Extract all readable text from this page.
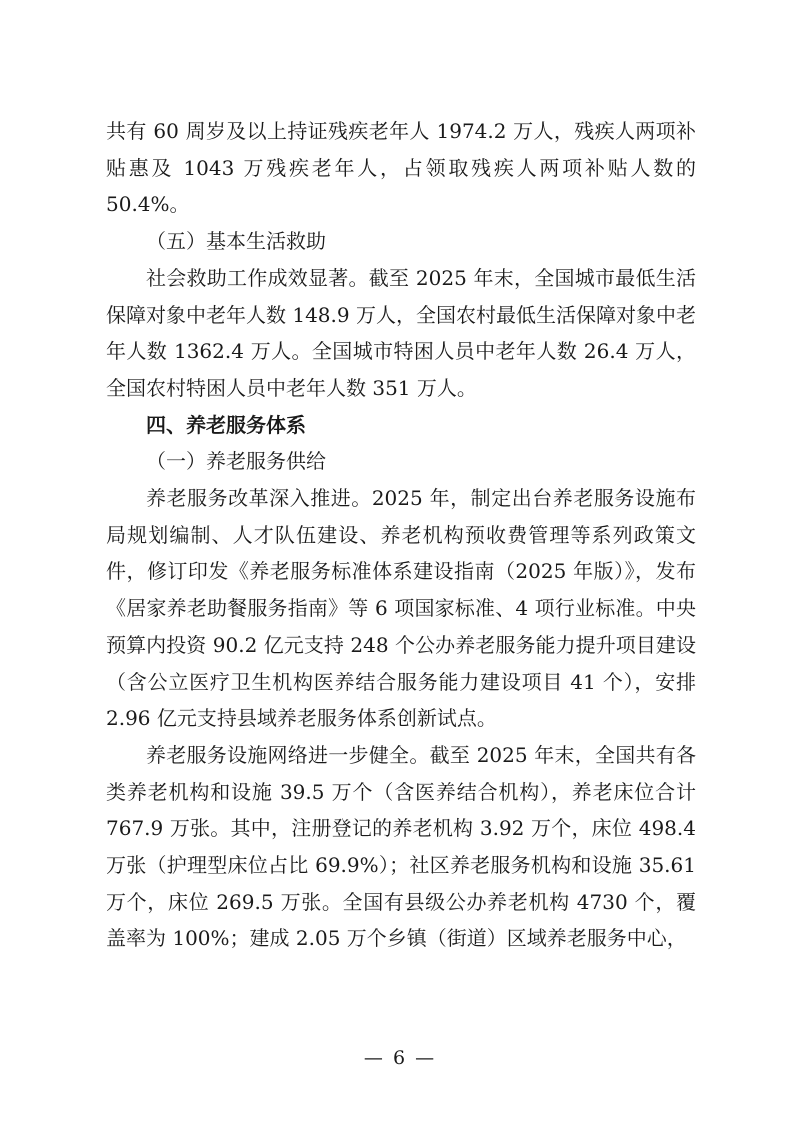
共有 60 周岁及以上持证残疾老年人 1974.2 万人，残疾人两项补贴惠及 1043 万残疾老年人，占领取残疾人两项补贴人数的 50.4%。

（五）基本生活救助

社会救助工作成效显著。截至 2025 年末，全国城市最低生活保障对象中老年人数 148.9 万人，全国农村最低生活保障对象中老年人数 1362.4 万人。全国城市特困人员中老年人数 26.4 万人，全国农村特困人员中老年人数 351 万人。

四、养老服务体系

（一）养老服务供给

养老服务改革深入推进。2025 年，制定出台养老服务设施布局规划编制、人才队伍建设、养老机构预收费管理等系列政策文件，修订印发《养老服务标准体系建设指南（2025 年版）》，发布《居家养老助餐服务指南》等 6 项国家标准、4 项行业标准。中央预算内投资 90.2 亿元支持 248 个公办养老服务能力提升项目建设（含公立医疗卫生机构医养结合服务能力建设项目 41 个），安排 2.96 亿元支持县域养老服务体系创新试点。

养老服务设施网络进一步健全。截至 2025 年末，全国共有各类养老机构和设施 39.5 万个（含医养结合机构），养老床位合计 767.9 万张。其中，注册登记的养老机构 3.92 万个，床位 498.4 万张（护理型床位占比 69.9%）；社区养老服务机构和设施 35.61 万个，床位 269.5 万张。全国有县级公办养老机构 4730 个，覆盖率为 100%；建成 2.05 万个乡镇（街道）区域养老服务中心，

— 6 —
